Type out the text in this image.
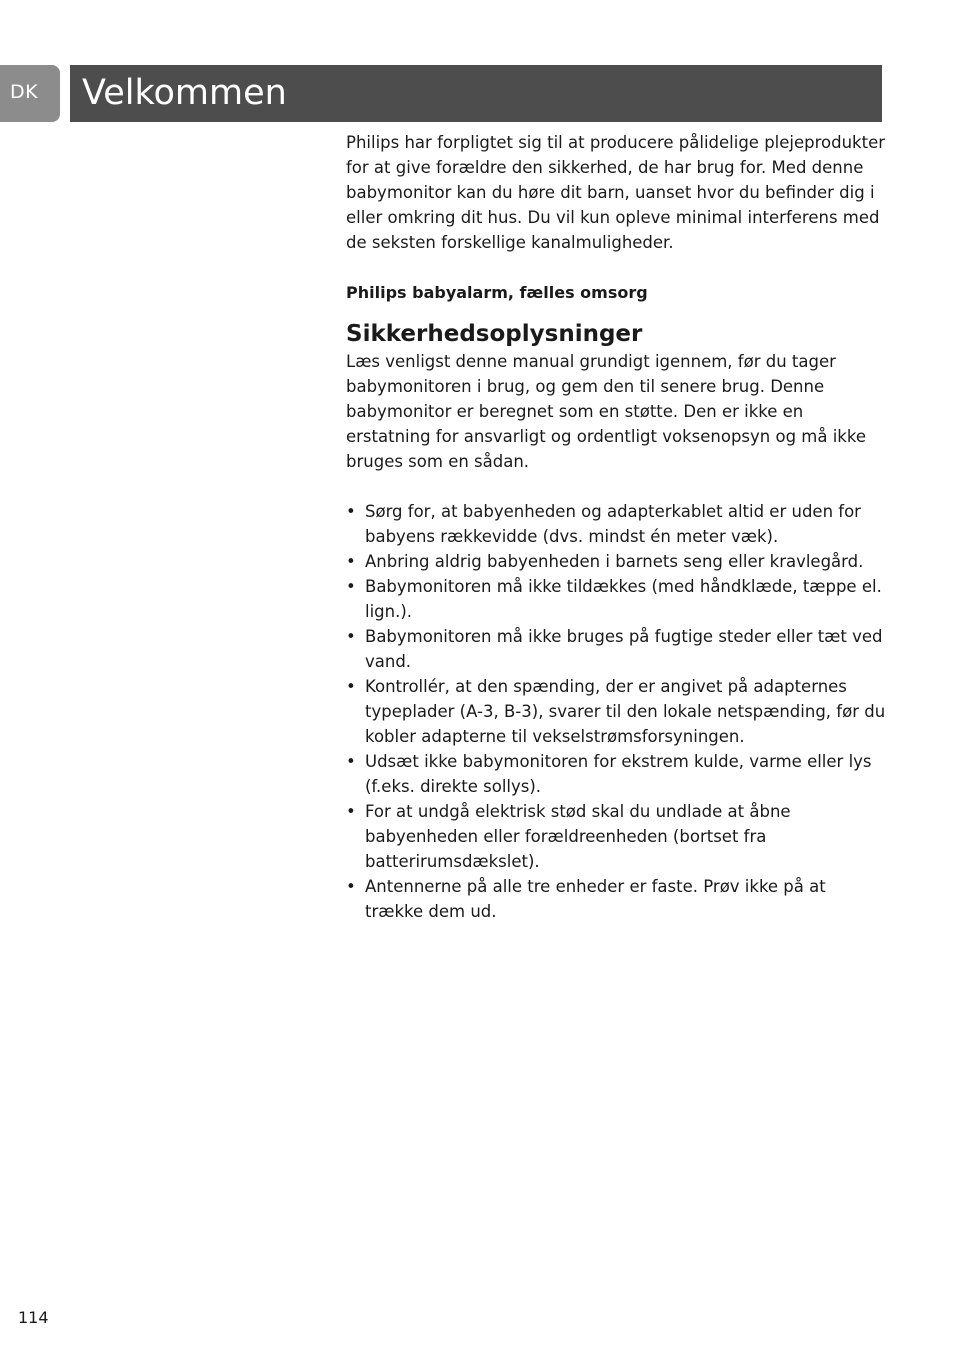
DK	Velkommen

Philips har forpligtet sig til at producere pålidelige plejeprodukter for at give forældre den sikkerhed, de har brug for. Med denne babymonitor kan du høre dit barn, uanset hvor du befinder dig i eller omkring dit hus. Du vil kun opleve minimal interferens med de seksten forskellige kanalmuligheder.

Philips babyalarm, fælles omsorg

Sikkerhedsoplysninger

Læs venligst denne manual grundigt igennem, før du tager babymonitoren i brug, og gem den til senere brug. Denne babymonitor er beregnet som en støtte. Den er ikke en erstatning for ansvarligt og ordentligt voksenopsyn og må ikke bruges som en sådan.

• Sørg for, at babyenheden og adapterkablet altid er uden for babyens rækkevidde (dvs. mindst én meter væk).
• Anbring aldrig babyenheden i barnets seng eller kravlegård.
• Babymonitoren må ikke tildækkes (med håndklæde, tæppe el. lign.).
• Babymonitoren må ikke bruges på fugtige steder eller tæt ved vand.
• Kontrollér, at den spænding, der er angivet på adapternes typeplader (A-3, B-3), svarer til den lokale netspænding, før du kobler adapterne til vekselstrømsforsyningen.
• Udsæt ikke babymonitoren for ekstrem kulde, varme eller lys (f.eks. direkte sollys).
• For at undgå elektrisk stød skal du undlade at åbne babyenheden eller forældreenheden (bortset fra batterirumsdækslet).
• Antennerne på alle tre enheder er faste. Prøv ikke på at trække dem ud.
114
